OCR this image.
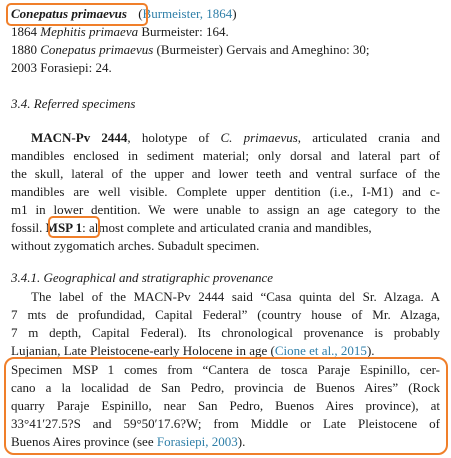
Conepatus primaevus (Burmeister, 1864)
1864 Mephitis primaeva Burmeister: 164.
1880 Conepatus primaevus (Burmeister) Gervais and Ameghino: 30;
2003 Forasiepi: 24.
3.4. Referred specimens
MACN-Pv 2444, holotype of C. primaevus, articulated crania and
mandibles enclosed in sediment material; only dorsal and lateral part of
the skull, lateral of the upper and lower teeth and ventral surface of the
mandibles are well visible. Complete upper dentition (i.e., I-M1) and c-
m1 in lower dentition. We were unable to assign an age category to the
fossil. MSP 1: almost complete and articulated crania and mandibles,
without zygomatich arches. Subadult specimen.
3.4.1. Geographical and stratigraphic provenance
The label of the MACN-Pv 2444 said “Casa quinta del Sr. Alzaga. A
7 mts de profundidad, Capital Federal” (country house of Mr. Alzaga,
7 m depth, Capital Federal). Its chronological provenance is probably
Lujanian, Late Pleistocene-early Holocene in age (Cione et al., 2015).
Specimen MSP 1 comes from “Cantera de tosca Paraje Espinillo, cer-
cano a la localidad de San Pedro, provincia de Buenos Aires” (Rock
quarry Paraje Espinillo, near San Pedro, Buenos Aires province), at
33°41′27.5?S and 59°50′17.6?W; from Middle or Late Pleistocene of
Buenos Aires province (see Forasiepi, 2003).
